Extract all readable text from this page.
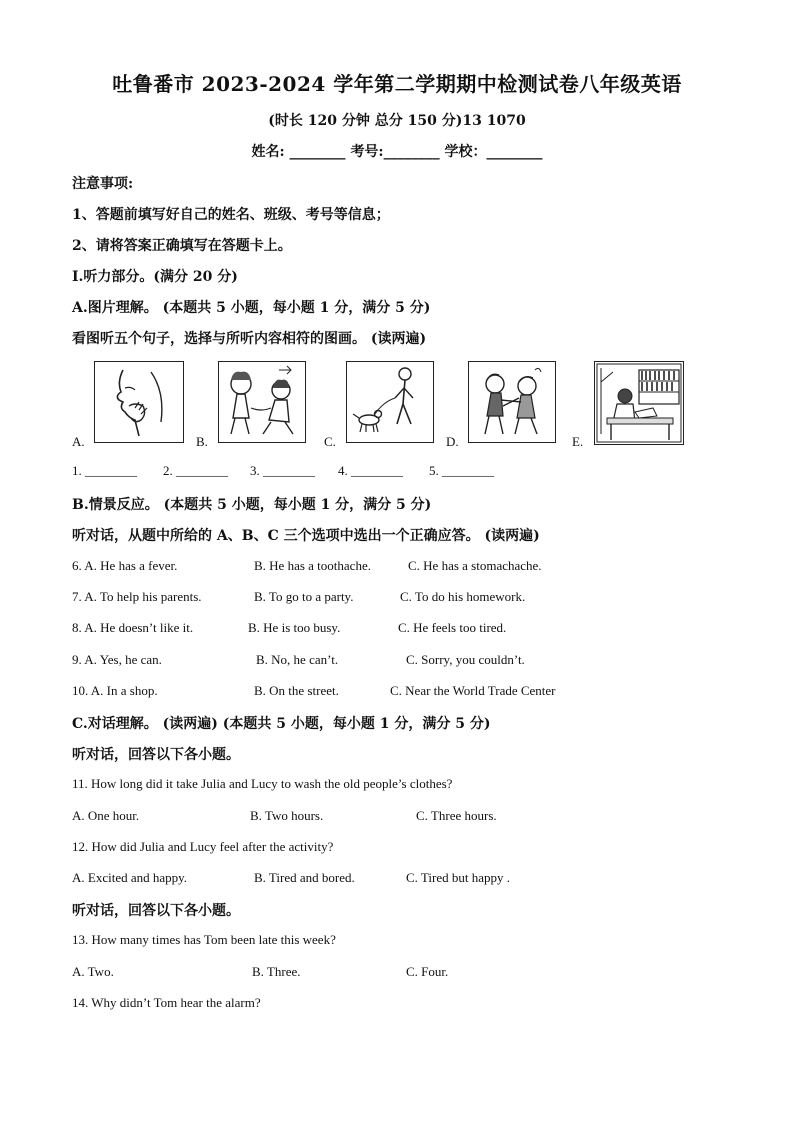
吐鲁番市 2023-2024 学年第二学期期中检测试卷八年级英语
(时长 120 分钟 总分 150 分)13 1070
姓名: ________ 考号:________ 学校：________
注意事项:
1、答题前填写好自己的姓名、班级、考号等信息；
2、请将答案正确填写在答题卡上。
I.听力部分。(满分 20 分)
A.图片理解。 (本题共 5 小题，每小题 1 分，满分 5 分)
看图听五个句子，选择与所听内容相符的图画。 (读两遍)
A.	B.	C.	D.	E.
1. ________ 2. ________ 3. ________ 4. ________ 5. ________
B.情景反应。 (本题共 5 小题，每小题 1 分，满分 5 分)
听对话，从题中所给的 A、B、C 三个选项中选出一个正确应答。 (读两遍)
6. A. He has a fever.	B. He has a toothache.	C. He has a stomachache.
7. A. To help his parents.	B. To go to a party.	C. To do his homework.
8. A. He doesn’t like it.	B. He is too busy.	C. He feels too tired.
9. A. Yes, he can.	B. No, he can’t.	C. Sorry, you couldn’t.
10. A. In a shop.	B. On the street.	C. Near the World Trade Center
C.对话理解。 (读两遍) (本题共 5 小题，每小题 1 分，满分 5 分)
听对话，回答以下各小题。
11. How long did it take Julia and Lucy to wash the old people’s clothes?
A. One hour.	B. Two hours.	C. Three hours.
12. How did Julia and Lucy feel after the activity?
A. Excited and happy.	B. Tired and bored.	C. Tired but happy .
听对话，回答以下各小题。
13. How many times has Tom been late this week?
A. Two.	B. Three.	C. Four.
14. Why didn’t Tom hear the alarm?
